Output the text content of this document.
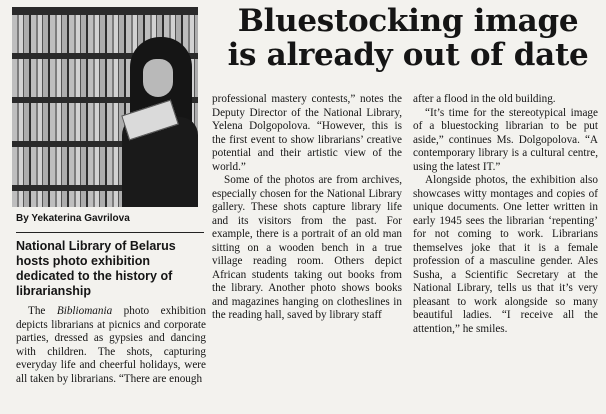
By Yekaterina Gavrilova
National Library of Belarus hosts photo exhibition dedicated to the history of librarianship
Bluestocking image
is already out of date

The Bibliomania photo exhibition depicts librarians at picnics and corporate parties, dressed as gypsies and dancing with children. The shots, capturing everyday life and cheerful holidays, were all taken by librarians. “There are enough

professional mastery contests,” notes the Deputy Director of the National Library, Yelena Dolgopolova. “However, this is the first event to show librarians’ creative potential and their artistic view of the world.”

Some of the photos are from archives, especially chosen for the National Library gallery. These shots capture library life and its visitors from the past. For example, there is a portrait of an old man sitting on a wooden bench in a true village reading room. Others depict African students taking out books from the library. Another photo shows books and magazines hanging on clotheslines in the reading hall, saved by library staff

after a flood in the old building.

“It’s time for the stereotypical image of a bluestocking librarian to be put aside,” continues Ms. Dolgopolova. “A contemporary library is a cultural centre, using the latest IT.”

Alongside photos, the exhibition also showcases witty montages and copies of unique documents. One letter written in early 1945 sees the librarian ‘repenting’ for not coming to work. Librarians themselves joke that it is a female profession of a masculine gender. Ales Susha, a Scientific Secretary at the National Library, tells us that it’s very pleasant to work alongside so many beautiful ladies. “I receive all the attention,” he smiles.
